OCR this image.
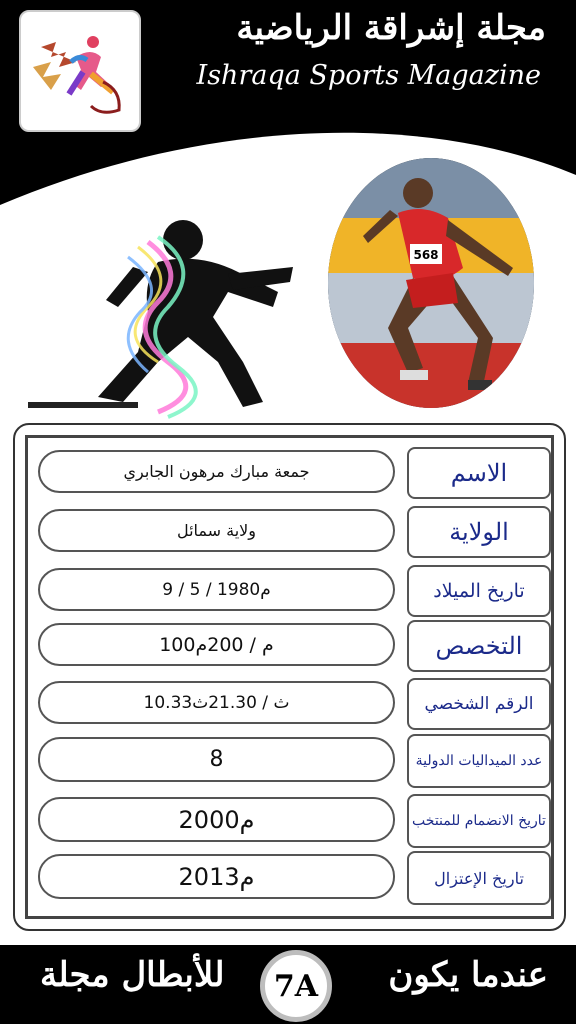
مجلة إشراقة الرياضية
Ishraqa Sports Magazine
568
جمعة مبارك مرهون الجابري	الاسم
ولاية سمائل	الولاية
9 / 5 / 1980م	تاريخ الميلاد
100م / 200م	التخصص
10.33ث / 21.30ث	الرقم الشخصي
8	عدد الميداليات الدولية
2000م	تاريخ الانضمام للمنتخب
2013م	تاريخ الإعتزال
عندما يكون
7A
للأبطال مجلة
